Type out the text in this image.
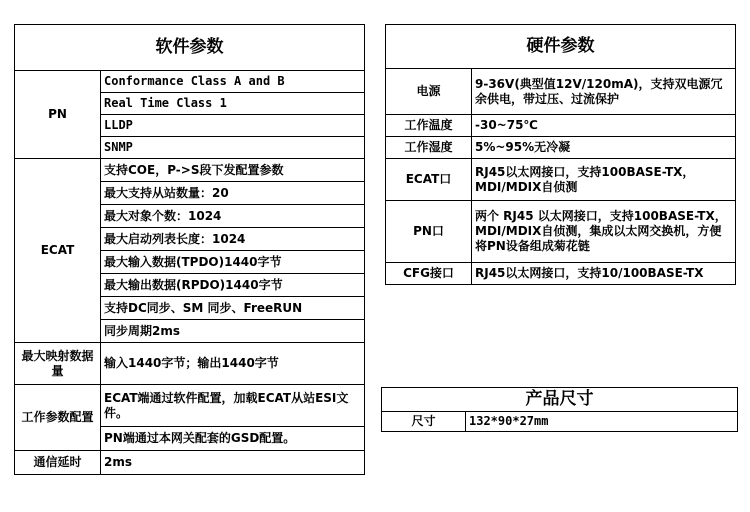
软件参数	
PN	Conformance Class A and B
	Real Time Class 1
	LLDP
	SNMP
ECAT	支持COE，P->S段下发配置参数
	最大支持从站数量：20
	最大对象个数：1024
	最大启动列表长度：1024
	最大输入数据(TPDO)1440字节
	最大输出数据(RPDO)1440字节
	支持DC同步、SM 同步、FreeRUN
	同步周期2ms
最大映射数据量	输入1440字节；输出1440字节
工作参数配置	ECAT端通过软件配置，加载ECAT从站ESI文件。
	PN端通过本网关配套的GSD配置。
通信延时	2ms
硬件参数	
电源	9-36V(典型值12V/120mA)，支持双电源冗余供电，带过压、过流保护
工作温度	-30~75℃
工作湿度	5%~95%无冷凝
ECAT口	RJ45以太网接口，支持100BASE-TX，MDI/MDIX自侦测
PN口	两个 RJ45 以太网接口，支持100BASE-TX，MDI/MDIX自侦测，集成以太网交换机，方便将PN设备组成菊花链
CFG接口	RJ45以太网接口，支持10/100BASE-TX
产品尺寸
尺寸	132*90*27mm
